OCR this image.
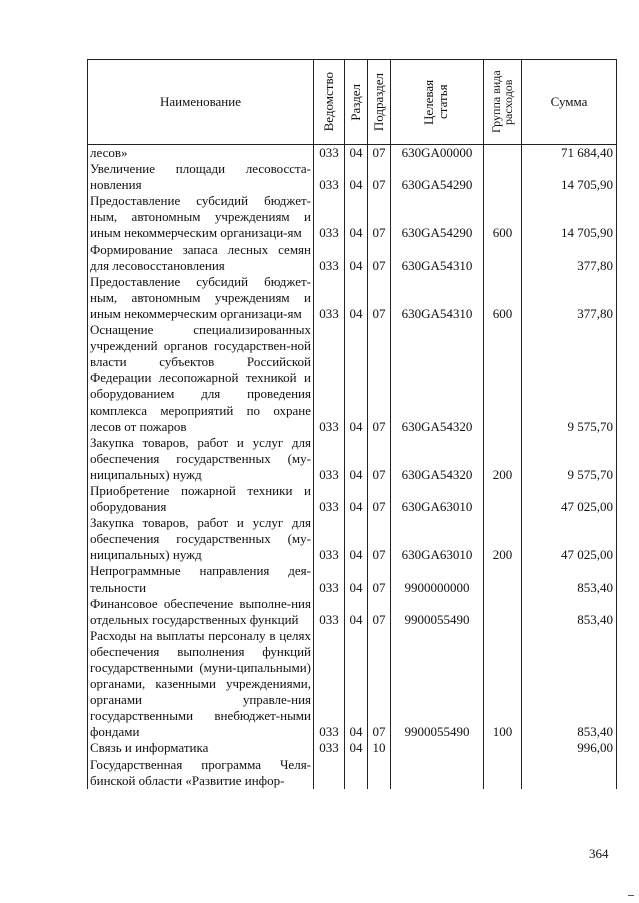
Наименование	Ведомство	Раздел	Подраздел	Целевая статья	Группа вида расходов	Сумма
лесов»	033	04	07	630GA00000		71 684,40
Увеличение площади лесовосста-новления	033	04	07	630GA54290		14 705,90
Предоставление субсидий бюджет-ным, автономным учреждениям и иным некоммерческим организаци-ям	033	04	07	630GA54290	600	14 705,90
Формирование запаса лесных семян для лесовосстановления	033	04	07	630GA54310		377,80
Предоставление субсидий бюджет-ным, автономным учреждениям и иным некоммерческим организаци-ям	033	04	07	630GA54310	600	377,80
Оснащение специализированных учреждений органов государствен-ной власти субъектов Российской Федерации лесопожарной техникой и оборудованием для проведения комплекса мероприятий по охране лесов от пожаров	033	04	07	630GA54320		9 575,70
Закупка товаров, работ и услуг для обеспечения государственных (му-ниципальных) нужд	033	04	07	630GA54320	200	9 575,70
Приобретение пожарной техники и оборудования	033	04	07	630GA63010		47 025,00
Закупка товаров, работ и услуг для обеспечения государственных (му-ниципальных) нужд	033	04	07	630GA63010	200	47 025,00
Непрограммные направления дея-тельности	033	04	07	9900000000		853,40
Финансовое обеспечение выполне-ния отдельных государственных функций	033	04	07	9900055490		853,40
Расходы на выплаты персоналу в целях обеспечения выполнения функций государственными (муни-ципальными) органами, казенными учреждениями, органами управле-ния государственными внебюджет-ными фондами	033	04	07	9900055490	100	853,40
Связь и информатика	033	04	10			996,00
Государственная программа Челя-бинской области «Развитие инфор-						
364
